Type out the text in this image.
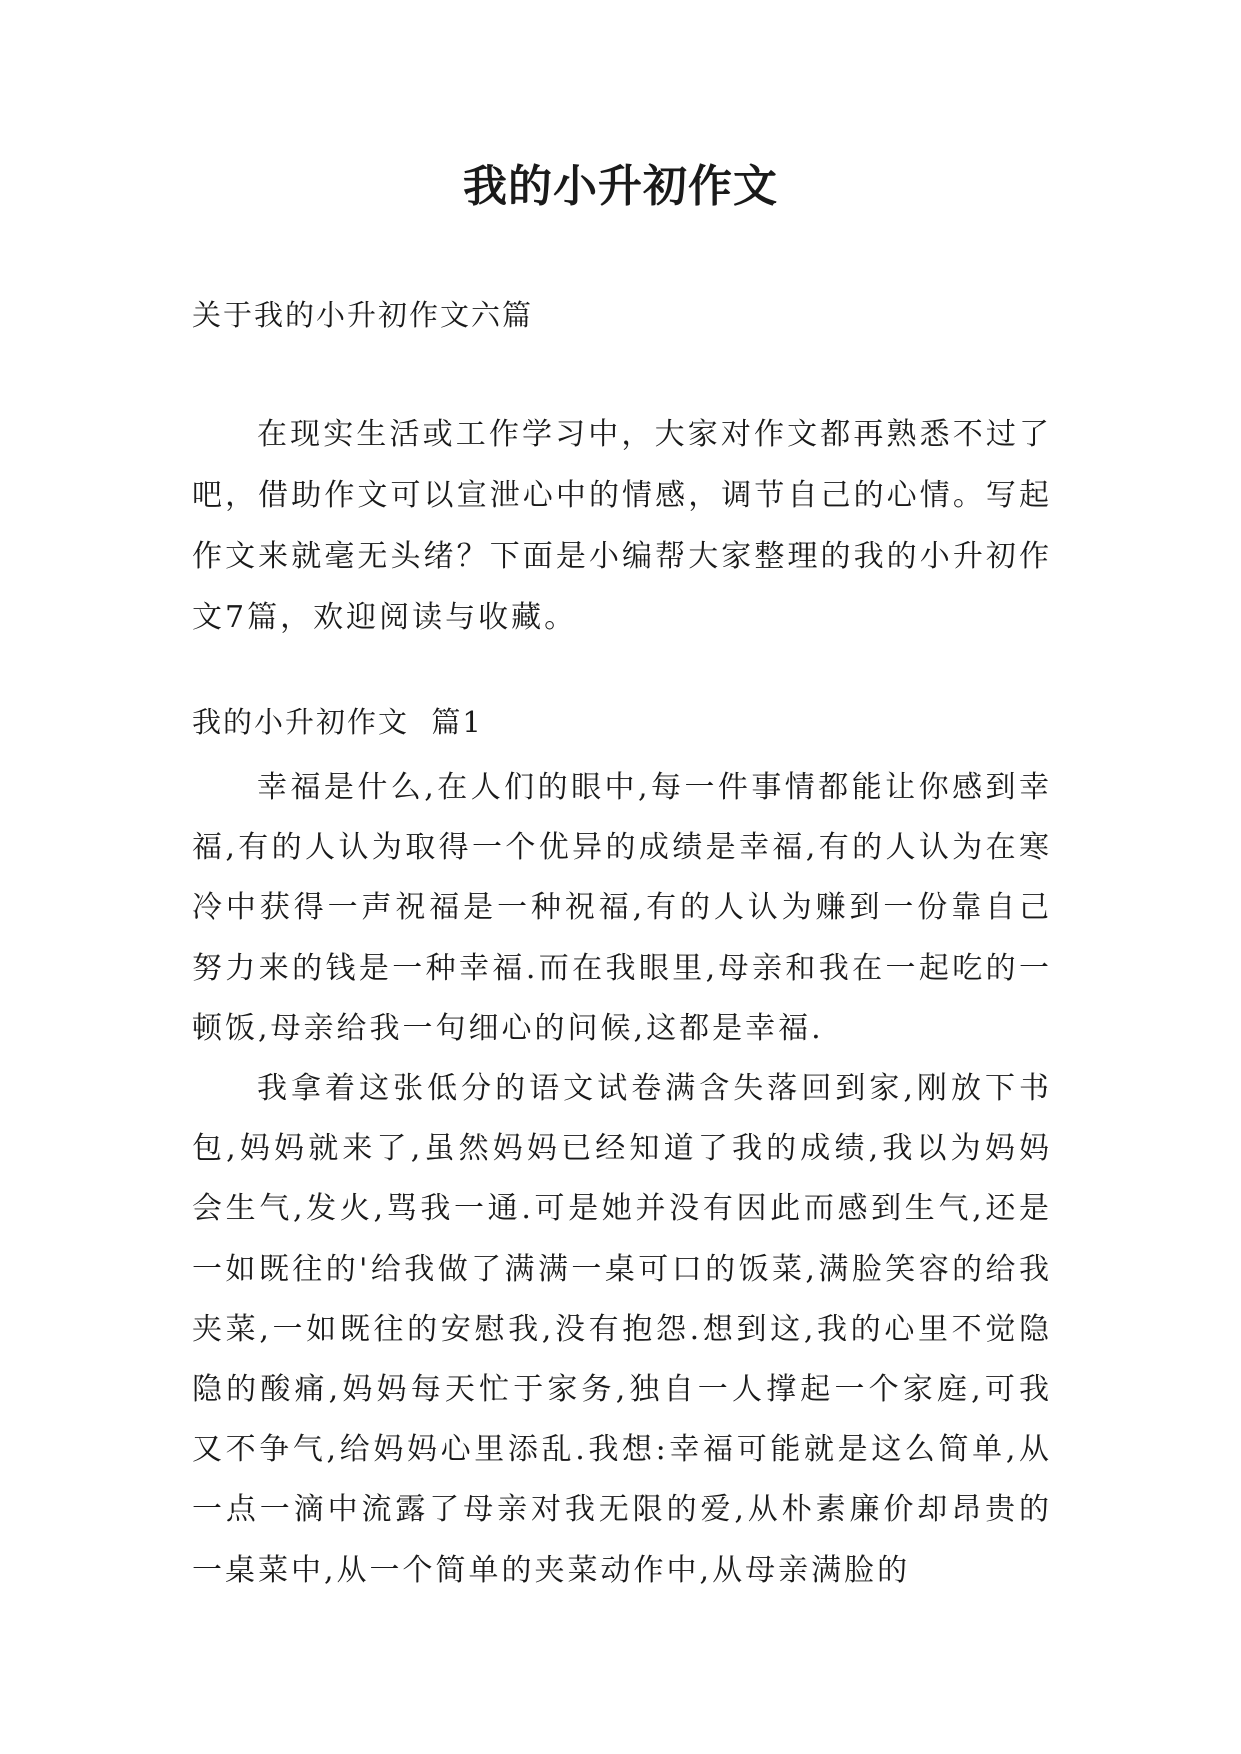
我的小升初作文

关于我的小升初作文六篇

在现实生活或工作学习中，大家对作文都再熟悉不过了吧，借助作文可以宣泄心中的情感，调节自己的心情。写起作文来就毫无头绪？下面是小编帮大家整理的我的小升初作文7篇，欢迎阅读与收藏。

我的小升初作文  篇1

幸福是什么,在人们的眼中,每一件事情都能让你感到幸福,有的人认为取得一个优异的成绩是幸福,有的人认为在寒冷中获得一声祝福是一种祝福,有的人认为赚到一份靠自己努力来的钱是一种幸福.而在我眼里,母亲和我在一起吃的一顿饭,母亲给我一句细心的问候,这都是幸福.

我拿着这张低分的语文试卷满含失落回到家,刚放下书包,妈妈就来了,虽然妈妈已经知道了我的成绩,我以为妈妈会生气,发火,骂我一通.可是她并没有因此而感到生气,还是一如既往的'给我做了满满一桌可口的饭菜,满脸笑容的给我夹菜,一如既往的安慰我,没有抱怨.想到这,我的心里不觉隐隐的酸痛,妈妈每天忙于家务,独自一人撑起一个家庭,可我又不争气,给妈妈心里添乱.我想:幸福可能就是这么简单,从一点一滴中流露了母亲对我无限的爱,从朴素廉价却昂贵的一桌菜中,从一个简单的夹菜动作中,从母亲满脸的
